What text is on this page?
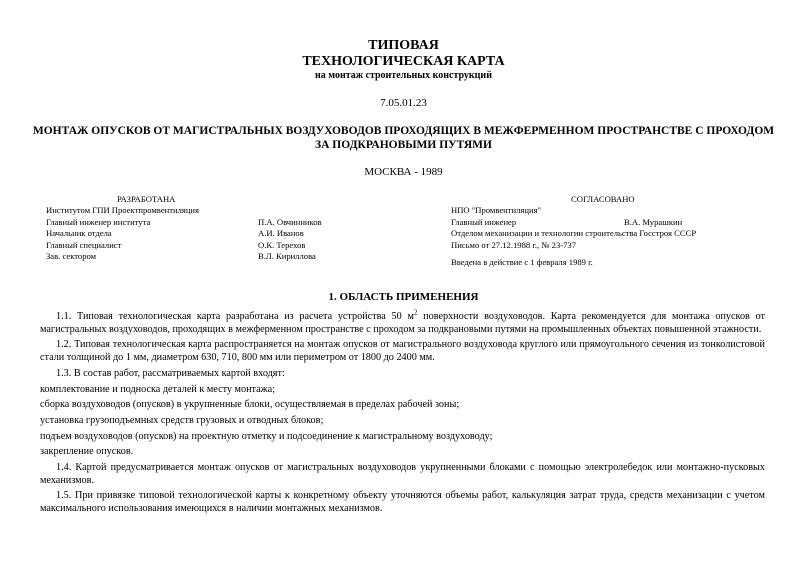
ТИПОВАЯ
ТЕХНОЛОГИЧЕСКАЯ КАРТА
на монтаж строительных конструкций
7.05.01.23
МОНТАЖ ОПУСКОВ ОТ МАГИСТРАЛЬНЫХ ВОЗДУХОВОДОВ ПРОХОДЯЩИХ В МЕЖФЕРМЕННОМ ПРОСТРАНСТВЕ С ПРОХОДОМ ЗА ПОДКРАНОВЫМИ ПУТЯМИ
МОСКВА - 1989
РАЗРАБОТАНА
Институтом ГПИ Проектпромвентиляция
Главный инженер института
Начальник отдела
Главный специалист
Зав. сектором

П.А. Овчинников
А.И. Иванов
О.К. Терехов
В.Л. Кириллова
СОГЛАСОВАНО
НПО "Промвентиляция"
Главный инженер
Отделом механизации и технологии строительства Госстроя СССР
Письмо от 27.12.1988 г., № 23-737
Введена в действие с 1 февраля 1989 г.
В.А. Мурашкин
1. ОБЛАСТЬ ПРИМЕНЕНИЯ

1.1. Типовая технологическая карта разработана из расчета устройства 50 $м^2$ поверхности воздуховодов. Карта рекомендуется для монтажа опусков от магистральных воздуховодов, проходящих в межферменном пространстве с проходом за подкрановыми путями на промышленных объектах повышенной этажности.

1.2. Типовая технологическая карта распространяется на монтаж опусков от магистрального воздуховода круглого или прямоугольного сечения из тонколистовой стали толщиной до 1 мм, диаметром 630, 710, 800 мм или периметром от 1800 до 2400 мм.

1.3. В состав работ, рассматриваемых картой входят:

комплектование и подноска деталей к месту монтажа;
сборка воздуховодов (опусков) в укрупненные блоки, осуществляемая в пределах рабочей зоны;
установка грузоподъемных средств грузовых и отводных блоков;
подъем воздуховодов (опусков) на проектную отметку и подсоединение к магистральному воздуховоду;
закрепление опусков.

1.4. Картой предусматривается монтаж опусков от магистральных воздуховодов укрупненными блоками с помощью электролебедок или монтажно-пусковых механизмов.

1.5. При привязке типовой технологической карты к конкретному объекту уточняются объемы работ, калькуляция затрат труда, средств механизации с учетом максимального использования имеющихся в наличии монтажных механизмов.
